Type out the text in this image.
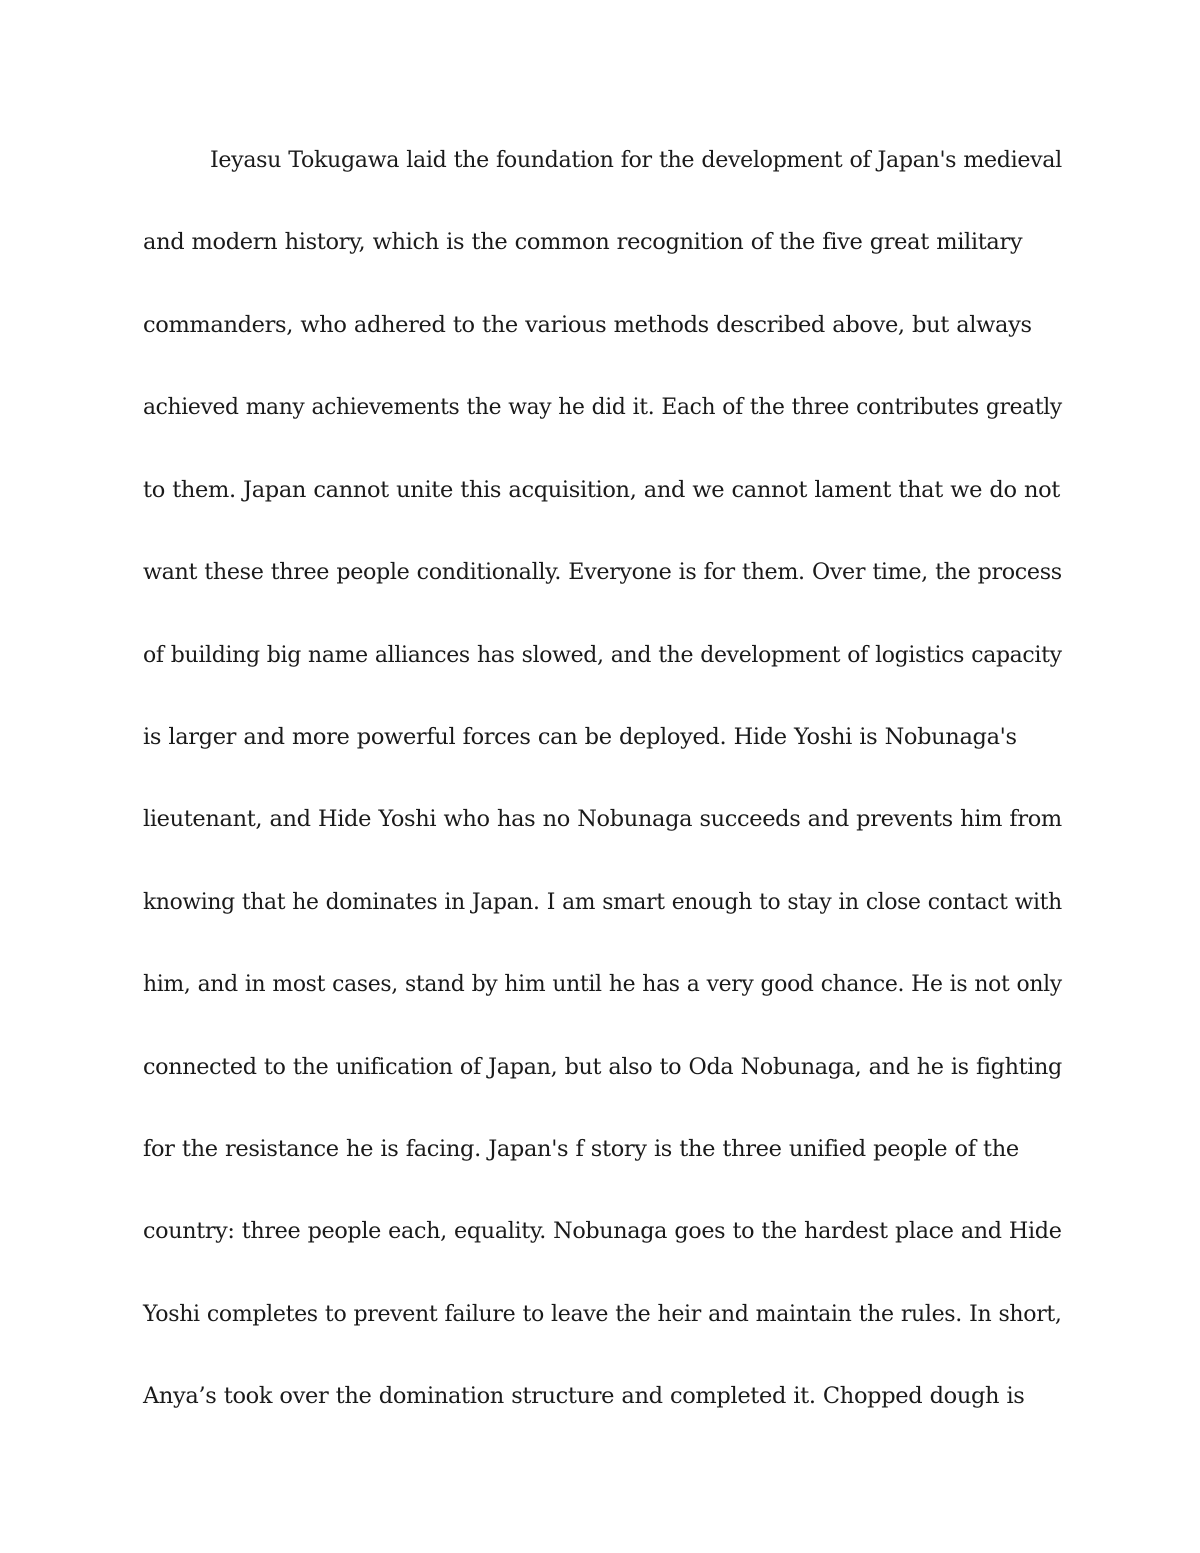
Ieyasu Tokugawa laid the foundation for the development of Japan's medieval
and modern history, which is the common recognition of the five great military
commanders, who adhered to the various methods described above, but always
achieved many achievements the way he did it. Each of the three contributes greatly
to them. Japan cannot unite this acquisition, and we cannot lament that we do not
want these three people conditionally. Everyone is for them. Over time, the process
of building big name alliances has slowed, and the development of logistics capacity
is larger and more powerful forces can be deployed. Hide Yoshi is Nobunaga's
lieutenant, and Hide Yoshi who has no Nobunaga succeeds and prevents him from
knowing that he dominates in Japan. I am smart enough to stay in close contact with
him, and in most cases, stand by him until he has a very good chance. He is not only
connected to the unification of Japan, but also to Oda Nobunaga, and he is fighting
for the resistance he is facing. Japan's f story is the three unified people of the
country: three people each, equality. Nobunaga goes to the hardest place and Hide
Yoshi completes to prevent failure to leave the heir and maintain the rules. In short,
Anya’s took over the domination structure and completed it. Chopped dough is
